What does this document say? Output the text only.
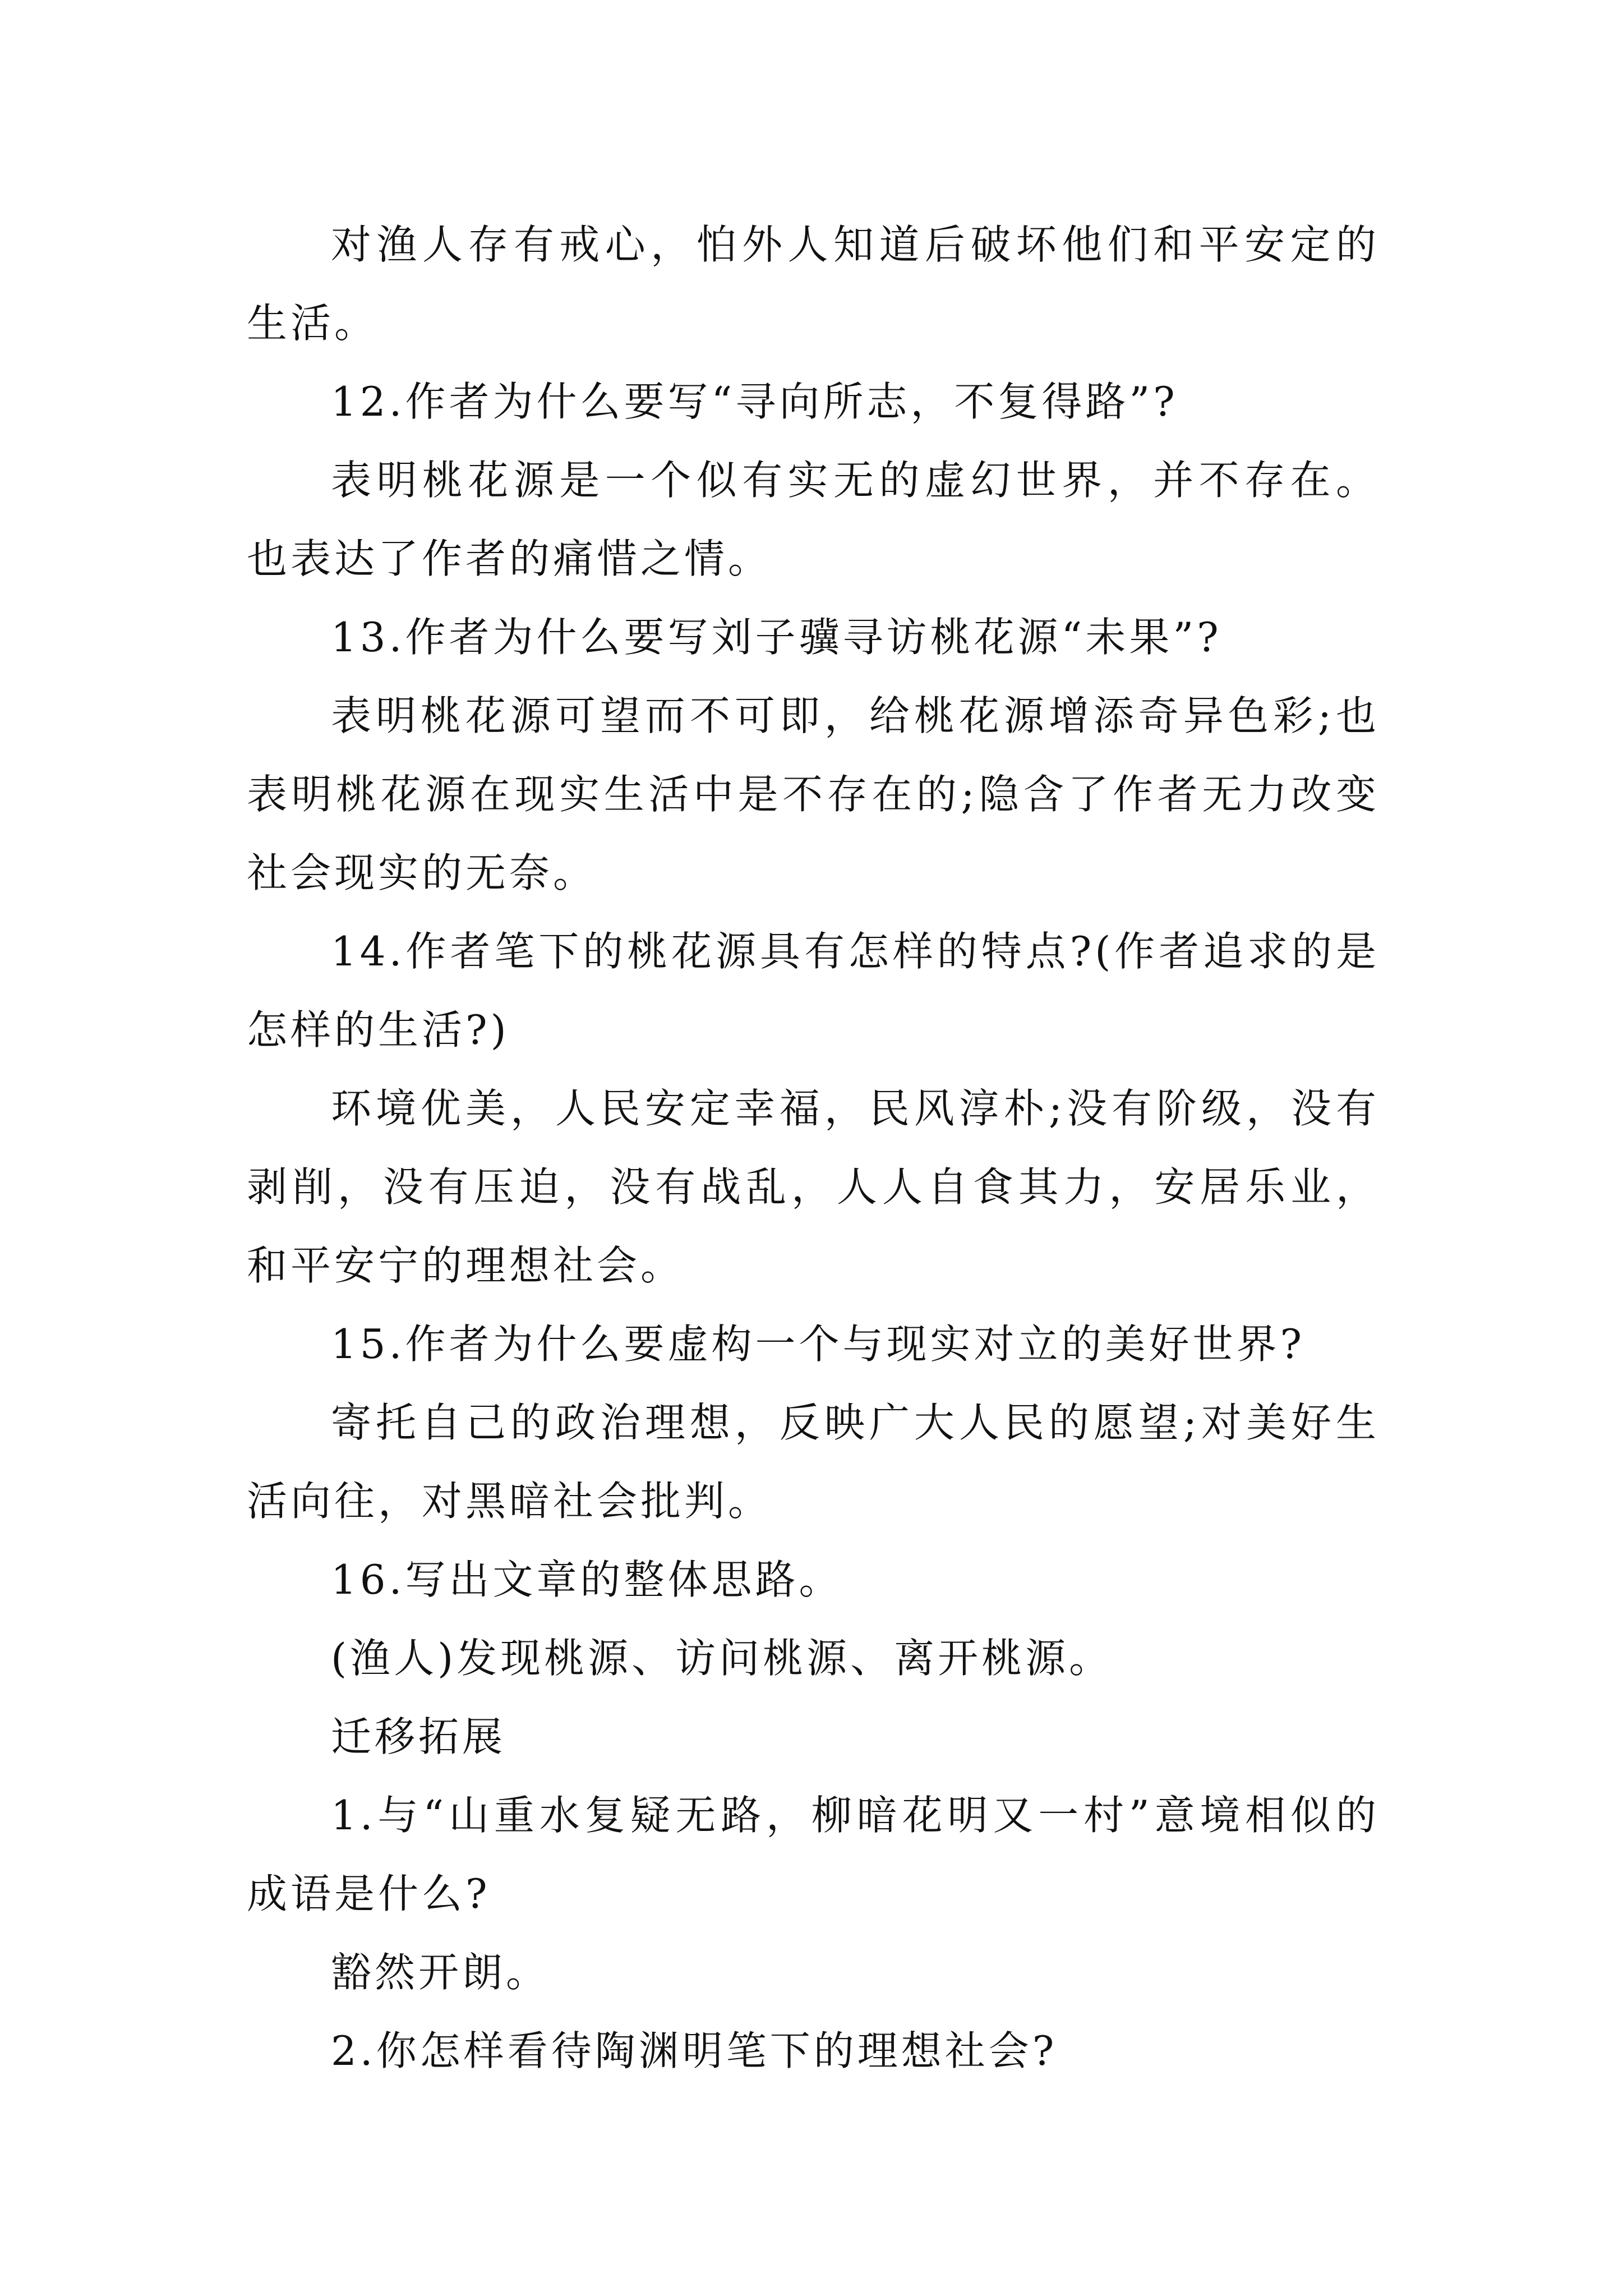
对渔人存有戒心，怕外人知道后破坏他们和平安定的生活。

12.作者为什么要写“寻向所志，不复得路”?

表明桃花源是一个似有实无的虚幻世界，并不存在。也表达了作者的痛惜之情。

13.作者为什么要写刘子骥寻访桃花源“未果”?

表明桃花源可望而不可即，给桃花源增添奇异色彩;也表明桃花源在现实生活中是不存在的;隐含了作者无力改变社会现实的无奈。

14.作者笔下的桃花源具有怎样的特点?(作者追求的是怎样的生活?)

环境优美，人民安定幸福，民风淳朴;没有阶级，没有剥削，没有压迫，没有战乱，人人自食其力，安居乐业，和平安宁的理想社会。

15.作者为什么要虚构一个与现实对立的美好世界?

寄托自己的政治理想，反映广大人民的愿望;对美好生活向往，对黑暗社会批判。

16.写出文章的整体思路。

(渔人)发现桃源、访问桃源、离开桃源。

迁移拓展

1.与“山重水复疑无路，柳暗花明又一村”意境相似的成语是什么?

豁然开朗。

2.你怎样看待陶渊明笔下的理想社会?
